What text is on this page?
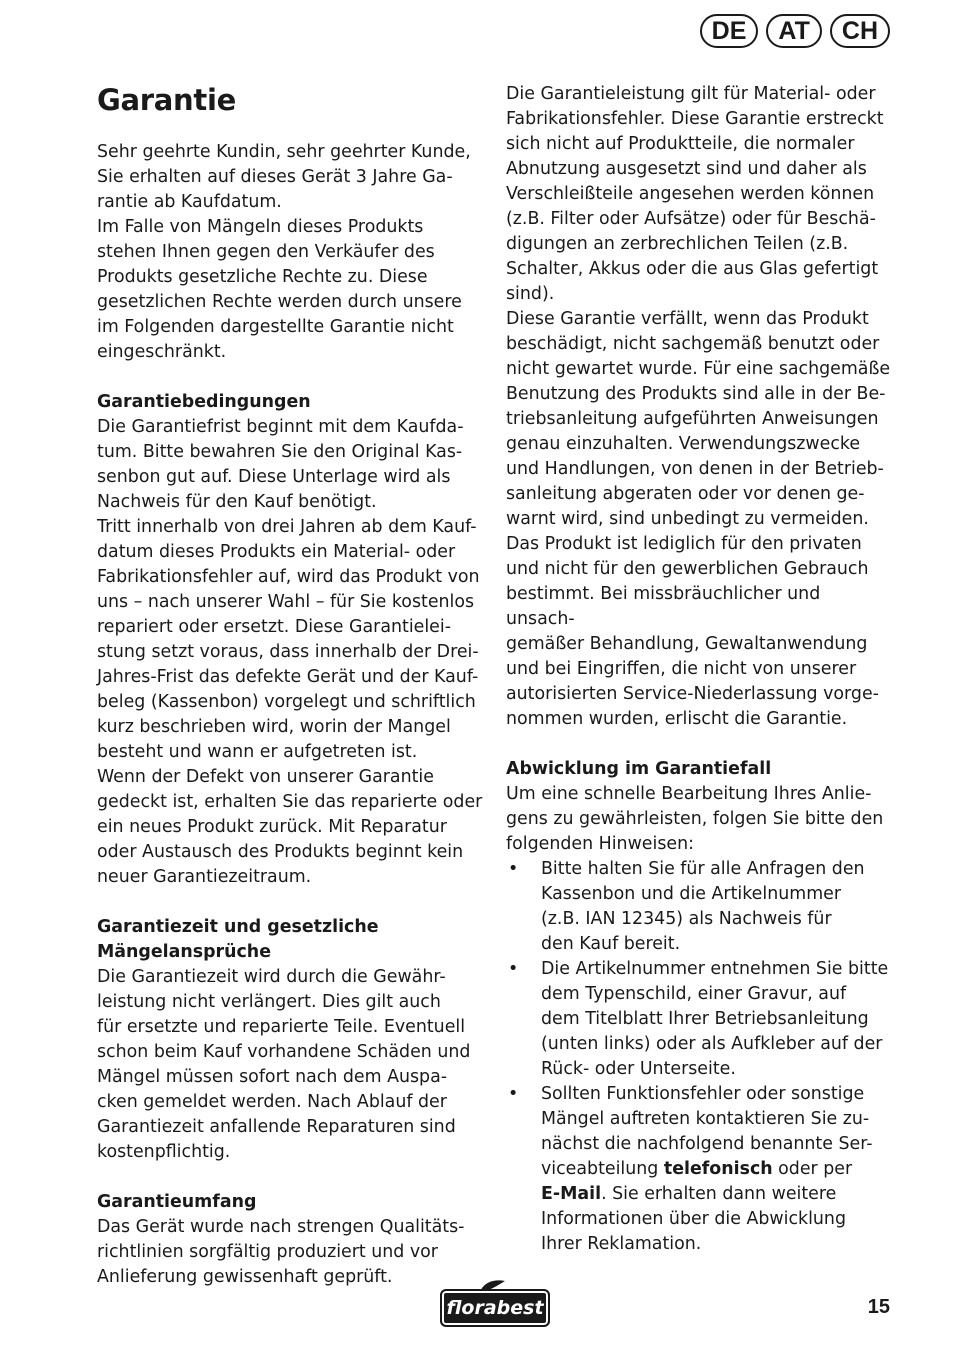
DE	AT	CH
Garantie

Sehr geehrte Kundin, sehr geehrter Kunde,
Sie erhalten auf dieses Gerät 3 Jahre Ga-
rantie ab Kaufdatum.
Im Falle von Mängeln dieses Produkts
stehen Ihnen gegen den Verkäufer des
Produkts gesetzliche Rechte zu. Diese
gesetzlichen Rechte werden durch unsere
im Folgenden dargestellte Garantie nicht
eingeschränkt.

Garantiebedingungen

Die Garantiefrist beginnt mit dem Kaufda-
tum. Bitte bewahren Sie den Original Kas-
senbon gut auf. Diese Unterlage wird als
Nachweis für den Kauf benötigt.
Tritt innerhalb von drei Jahren ab dem Kauf-
datum dieses Produkts ein Material- oder
Fabrikationsfehler auf, wird das Produkt von
uns – nach unserer Wahl – für Sie kostenlos
repariert oder ersetzt. Diese Garantielei-
stung setzt voraus, dass innerhalb der Drei-
Jahres-Frist das defekte Gerät und der Kauf-
beleg (Kassenbon) vorgelegt und schriftlich
kurz beschrieben wird, worin der Mangel
besteht und wann er aufgetreten ist.
Wenn der Defekt von unserer Garantie
gedeckt ist, erhalten Sie das reparierte oder
ein neues Produkt zurück. Mit Reparatur
oder Austausch des Produkts beginnt kein
neuer Garantiezeitraum.

Garantiezeit und gesetzliche
Mängelansprüche

Die Garantiezeit wird durch die Gewähr-
leistung nicht verlängert. Dies gilt auch
für ersetzte und reparierte Teile. Eventuell
schon beim Kauf vorhandene Schäden und
Mängel müssen sofort nach dem Auspa-
cken gemeldet werden. Nach Ablauf der
Garantiezeit anfallende Reparaturen sind
kostenpflichtig.

Garantieumfang

Das Gerät wurde nach strengen Qualitäts-
richtlinien sorgfältig produziert und vor
Anlieferung gewissenhaft geprüft.

Die Garantieleistung gilt für Material- oder
Fabrikationsfehler. Diese Garantie erstreckt
sich nicht auf Produktteile, die normaler
Abnutzung ausgesetzt sind und daher als
Verschleißteile angesehen werden können
(z.B. Filter oder Aufsätze) oder für Beschä-
digungen an zerbrechlichen Teilen (z.B.
Schalter, Akkus oder die aus Glas gefertigt
sind).
Diese Garantie verfällt, wenn das Produkt
beschädigt, nicht sachgemäß benutzt oder
nicht gewartet wurde. Für eine sachgemäße
Benutzung des Produkts sind alle in der Be-
triebsanleitung aufgeführten Anweisungen
genau einzuhalten. Verwendungszwecke
und Handlungen, von denen in der Betrieb-
sanleitung abgeraten oder vor denen ge-
warnt wird, sind unbedingt zu vermeiden.
Das Produkt ist lediglich für den privaten
und nicht für den gewerblichen Gebrauch
bestimmt. Bei missbräuchlicher und unsach-
gemäßer Behandlung, Gewaltanwendung
und bei Eingriffen, die nicht von unserer
autorisierten Service-Niederlassung vorge-
nommen wurden, erlischt die Garantie.

Abwicklung im Garantiefall

Um eine schnelle Bearbeitung Ihres Anlie-
gens zu gewährleisten, folgen Sie bitte den
folgenden Hinweisen:

• Bitte halten Sie für alle Anfragen den
Kassenbon und die Artikelnummer
(z.B. IAN 12345) als Nachweis für
den Kauf bereit.
• Die Artikelnummer entnehmen Sie bitte
dem Typenschild, einer Gravur, auf
dem Titelblatt Ihrer Betriebsanleitung
(unten links) oder als Aufkleber auf der
Rück- oder Unterseite.
• Sollten Funktionsfehler oder sonstige
Mängel auftreten kontaktieren Sie zu-
nächst die nachfolgend benannte Ser-
viceabteilung telefonisch oder per
E-Mail. Sie erhalten dann weitere
Informationen über die Abwicklung
Ihrer Reklamation.
florabest	15
